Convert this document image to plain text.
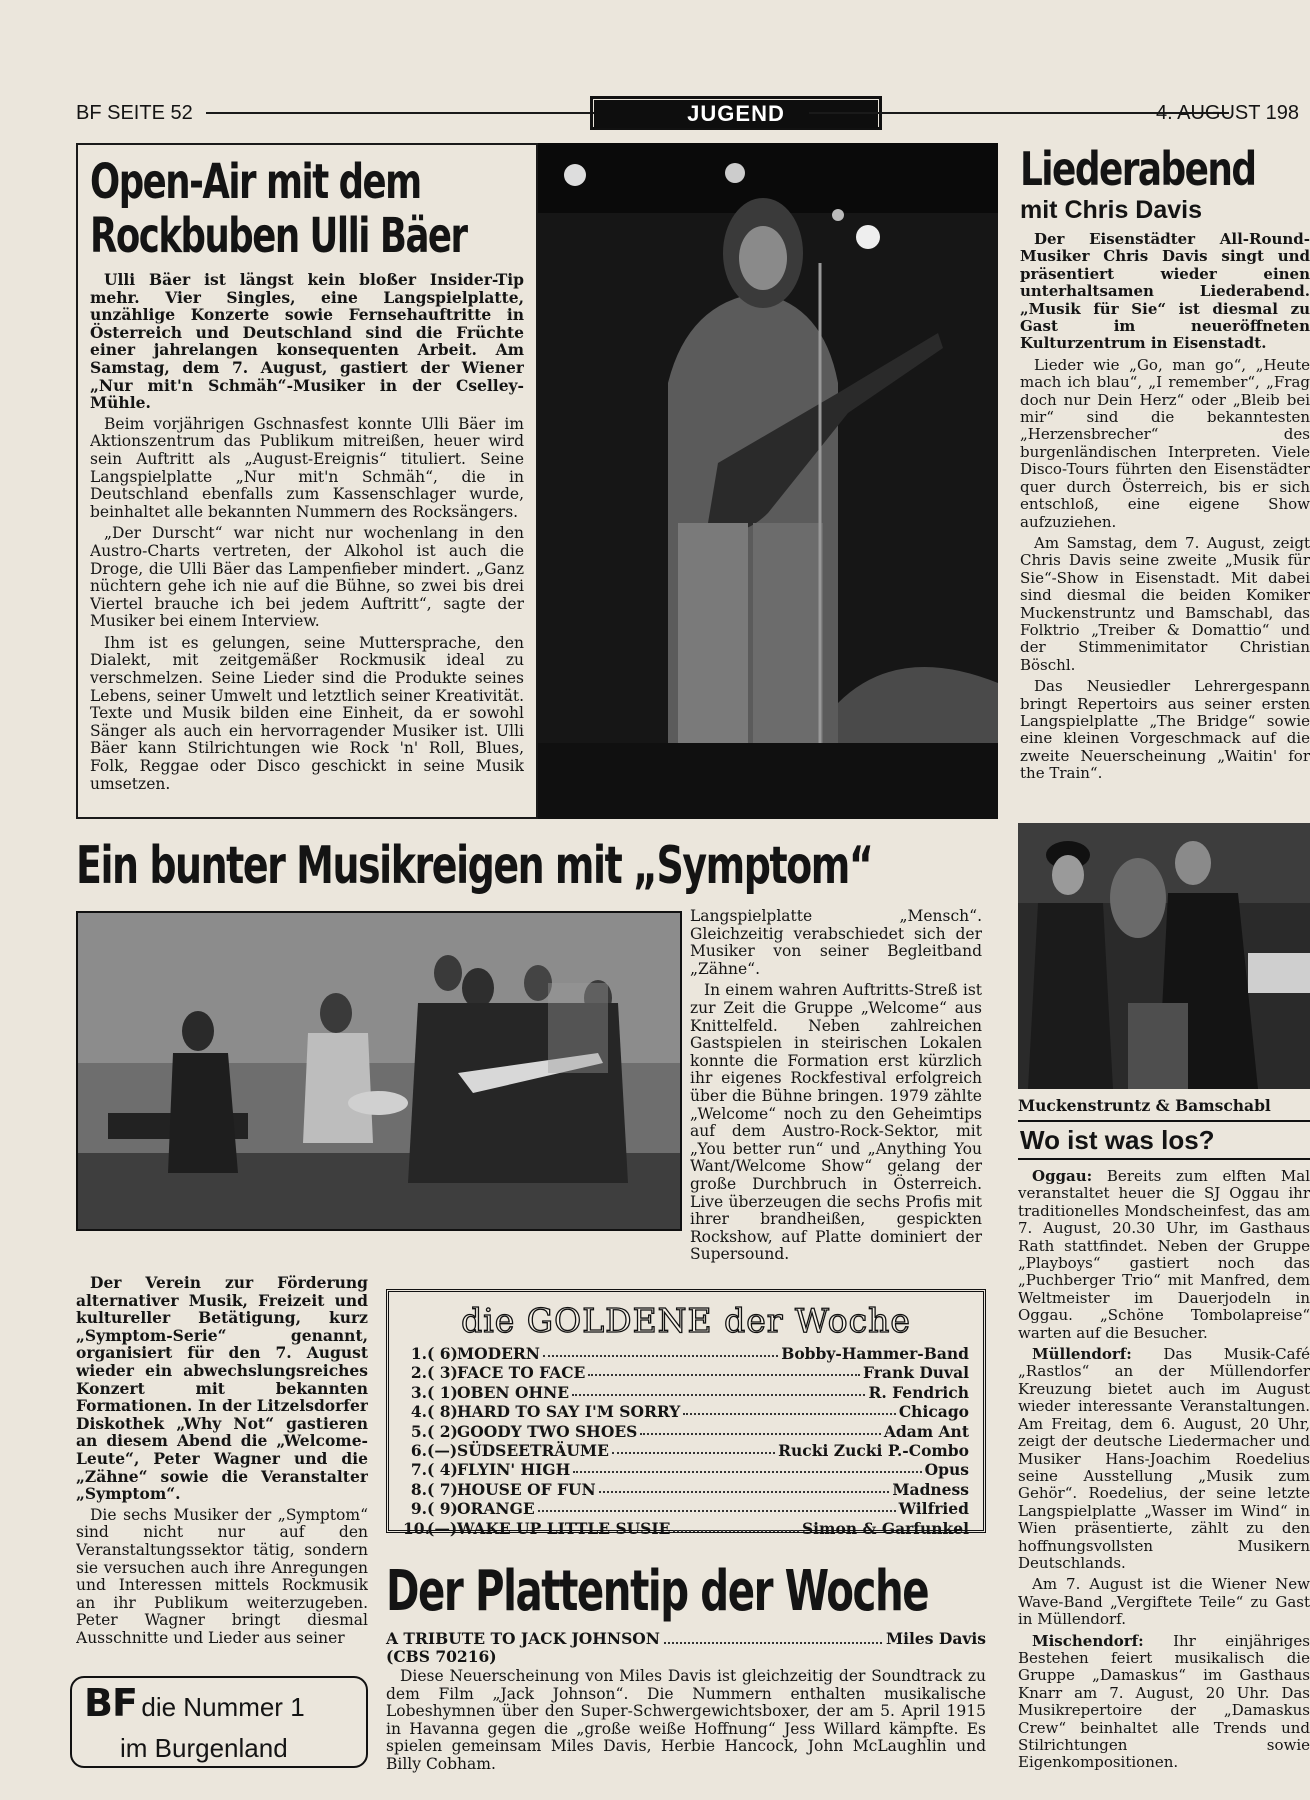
BF SEITE 52	JUGEND	4. AUGUST 198
Open-Air mit dem
Rockbuben Ulli Bäer

Ulli Bäer ist längst kein bloßer Insider-Tip mehr. Vier Singles, eine Langspielplatte, unzählige Konzerte sowie Fernsehauftritte in Österreich und Deutschland sind die Früchte einer jahrelangen konsequenten Arbeit. Am Samstag, dem 7. August, gastiert der Wiener „Nur mit'n Schmäh“-Musiker in der Cselley-Mühle.

Beim vorjährigen Gschnasfest konnte Ulli Bäer im Aktionszentrum das Publikum mitreißen, heuer wird sein Auftritt als „August-Ereignis“ tituliert. Seine Langspielplatte „Nur mit'n Schmäh“, die in Deutschland ebenfalls zum Kassenschlager wurde, beinhaltet alle bekannten Nummern des Rocksängers.

„Der Durscht“ war nicht nur wochenlang in den Austro-Charts vertreten, der Alkohol ist auch die Droge, die Ulli Bäer das Lampenfieber mindert. „Ganz nüchtern gehe ich nie auf die Bühne, so zwei bis drei Viertel brauche ich bei jedem Auftritt“, sagte der Musiker bei einem Interview.

Ihm ist es gelungen, seine Muttersprache, den Dialekt, mit zeitgemäßer Rockmusik ideal zu verschmelzen. Seine Lieder sind die Produkte seines Lebens, seiner Umwelt und letztlich seiner Kreativität. Texte und Musik bilden eine Einheit, da er sowohl Sänger als auch ein hervorragender Musiker ist. Ulli Bäer kann Stilrichtungen wie Rock 'n' Roll, Blues, Folk, Reggae oder Disco geschickt in seine Musik umsetzen.

Liederabend
mit Chris Davis

Der Eisenstädter All-Round-Musiker Chris Davis singt und präsentiert wieder einen unterhaltsamen Liederabend. „Musik für Sie“ ist diesmal zu Gast im neueröffneten Kulturzentrum in Eisenstadt.

Lieder wie „Go, man go“, „Heute mach ich blau“, „I remember“, „Frag doch nur Dein Herz“ oder „Bleib bei mir“ sind die bekanntesten „Herzensbrecher“ des burgenländischen Interpreten. Viele Disco-Tours führten den Eisenstädter quer durch Österreich, bis er sich entschloß, eine eigene Show aufzuziehen.

Am Samstag, dem 7. August, zeigt Chris Davis seine zweite „Musik für Sie“-Show in Eisenstadt. Mit dabei sind diesmal die beiden Komiker Muckenstruntz und Bamschabl, das Folktrio „Treiber & Domattio“ und der Stimmenimitator Christian Böschl.

Das Neusiedler Lehrergespann bringt Repertoirs aus seiner ersten Langspielplatte „The Bridge“ sowie eine kleinen Vorgeschmack auf die zweite Neuerscheinung „Waitin' for the Train“.

Muckenstruntz & Bamschabl
Wo ist was los?

Oggau: Bereits zum elften Mal veranstaltet heuer die SJ Oggau ihr traditionelles Mondscheinfest, das am 7. August, 20.30 Uhr, im Gasthaus Rath stattfindet. Neben der Gruppe „Playboys“ gastiert noch das „Puchberger Trio“ mit Manfred, dem Weltmeister im Dauerjodeln in Oggau. „Schöne Tombolapreise“ warten auf die Besucher.

Müllendorf: Das Musik-Café „Rastlos“ an der Müllendorfer Kreuzung bietet auch im August wieder interessante Veranstaltungen. Am Freitag, dem 6. August, 20 Uhr, zeigt der deutsche Liedermacher und Musiker Hans-Joachim Roedelius seine Ausstellung „Musik zum Gehör“. Roedelius, der seine letzte Langspielplatte „Wasser im Wind“ in Wien präsentierte, zählt zu den hoffnungsvollsten Musikern Deutschlands.

Am 7. August ist die Wiener New Wave-Band „Vergiftete Teile“ zu Gast in Müllendorf.

Mischendorf: Ihr einjähriges Bestehen feiert musikalisch die Gruppe „Damaskus“ im Gasthaus Knarr am 7. August, 20 Uhr. Das Musikrepertoire der „Damaskus Crew“ beinhaltet alle Trends und Stilrichtungen sowie Eigenkompositionen.

Ein bunter Musikreigen mit „Symptom“

Langspielplatte „Mensch“. Gleichzeitig verabschiedet sich der Musiker von seiner Begleitband „Zähne“.

In einem wahren Auftritts-Streß ist zur Zeit die Gruppe „Welcome“ aus Knittelfeld. Neben zahlreichen Gastspielen in steirischen Lokalen konnte die Formation erst kürzlich ihr eigenes Rockfestival erfolgreich über die Bühne bringen. 1979 zählte „Welcome“ noch zu den Geheimtips auf dem Austro-Rock-Sektor, mit „You better run“ und „Anything You Want/Welcome Show“ gelang der große Durchbruch in Österreich. Live überzeugen die sechs Profis mit ihrer brandheißen, gespickten Rockshow, auf Platte dominiert der Supersound.

Der Verein zur Förderung alternativer Musik, Freizeit und kultureller Betätigung, kurz „Symptom-Serie“ genannt, organisiert für den 7. August wieder ein abwechslungsreiches Konzert mit bekannten Formationen. In der Litzelsdorfer Diskothek „Why Not“ gastieren an diesem Abend die „Welcome-Leute“, Peter Wagner und die „Zähne“ sowie die Veranstalter „Symptom“.

Die sechs Musiker der „Symptom“ sind nicht nur auf den Veranstaltungssektor tätig, sondern sie versuchen auch ihre Anregungen und Interessen mittels Rockmusik an ihr Publikum weiterzugeben. Peter Wagner bringt diesmal Ausschnitte und Lieder aus seiner

BF die Nummer 1
im Burgenland
die GOLDENE der Woche
1. ( 6) MODERN	Bobby-Hammer-Band
2. ( 3) FACE TO FACE	Frank Duval
3. ( 1) OBEN OHNE	R. Fendrich
4. ( 8) HARD TO SAY I'M SORRY	Chicago
5. ( 2) GOODY TWO SHOES	Adam Ant
6. (—) SÜDSEETRÄUME	Rucki Zucki P.-Combo
7. ( 4) FLYIN' HIGH	Opus
8. ( 7) HOUSE OF FUN	Madness
9. ( 9) ORANGE	Wilfried
10.
(—) WAKE UP LITTLE SUSIE	Simon & Garfunkel
Der Plattentip der Woche
A TRIBUTE TO JACK JOHNSON	Miles Davis
(CBS 70216)

Diese Neuerscheinung von Miles Davis ist gleichzeitig der Soundtrack zu dem Film „Jack Johnson“. Die Nummern enthalten musikalische Lobeshymnen über den Super-Schwergewichtsboxer, der am 5. April 1915 in Havanna gegen die „große weiße Hoffnung“ Jess Willard kämpfte. Es spielen gemeinsam Miles Davis, Herbie Hancock, John McLaughlin und Billy Cobham.
